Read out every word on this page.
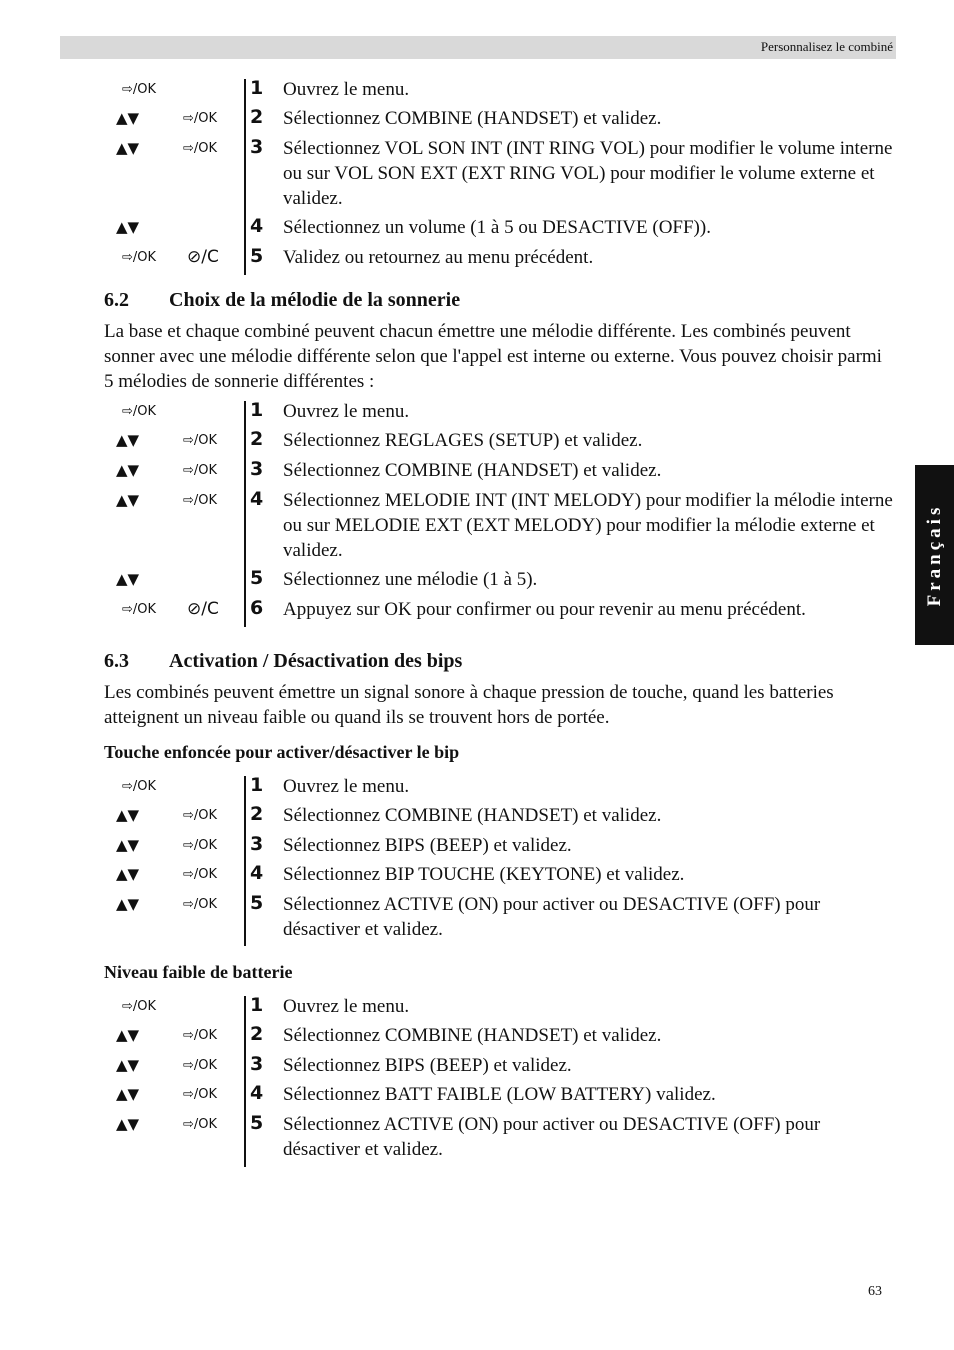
Personnalisez le combiné
Français
⇨/OK	1 Ouvrez le menu.
▲▼	⇨/OK 2 Sélectionnez COMBINE (HANDSET) et validez.
▲▼	⇨/OK 3 Sélectionnez VOL SON INT (INT RING VOL) pour modifier le volume interne ou sur VOL SON EXT (EXT RING VOL) pour modifier le volume externe et validez.
▲▼	4 Sélectionnez un volume (1 à 5 ou DESACTIVE (OFF)).
⇨/OK ⊘/C 5 Validez ou retournez au menu précédent.
6.2 Choix de la mélodie de la sonnerie
La base et chaque combiné peuvent chacun émettre une mélodie différente. Les combinés peuvent sonner avec une mélodie différente selon que l'appel est interne ou externe. Vous pouvez choisir parmi 5 mélodies de sonnerie différentes :
⇨/OK	1 Ouvrez le menu.
▲▼	⇨/OK 2 Sélectionnez REGLAGES (SETUP) et validez.
▲▼	⇨/OK 3 Sélectionnez COMBINE (HANDSET) et validez.
▲▼	⇨/OK 4 Sélectionnez MELODIE INT (INT MELODY) pour modifier la mélodie interne ou sur MELODIE EXT (EXT MELODY) pour modifier la mélodie externe et validez.
▲▼	5 Sélectionnez une mélodie (1 à 5).
⇨/OK ⊘/C 6 Appuyez sur OK pour confirmer ou pour revenir au menu précédent.
6.3 Activation / Désactivation des bips
Les combinés peuvent émettre un signal sonore à chaque pression de touche, quand les batteries atteignent un niveau faible ou quand ils se trouvent hors de portée.
Touche enfoncée pour activer/désactiver le bip
⇨/OK	1 Ouvrez le menu.
▲▼	⇨/OK 2 Sélectionnez COMBINE (HANDSET) et validez.
▲▼	⇨/OK 3 Sélectionnez BIPS (BEEP) et validez.
▲▼	⇨/OK 4 Sélectionnez BIP TOUCHE (KEYTONE) et validez.
▲▼	⇨/OK 5 Sélectionnez ACTIVE (ON) pour activer ou DESACTIVE (OFF) pour désactiver et validez.
Niveau faible de batterie
⇨/OK	1 Ouvrez le menu.
▲▼	⇨/OK 2 Sélectionnez COMBINE (HANDSET) et validez.
▲▼	⇨/OK 3 Sélectionnez BIPS (BEEP) et validez.
▲▼	⇨/OK 4 Sélectionnez BATT FAIBLE (LOW BATTERY) validez.
▲▼	⇨/OK 5 Sélectionnez ACTIVE (ON) pour activer ou DESACTIVE (OFF) pour désactiver et validez.
63
